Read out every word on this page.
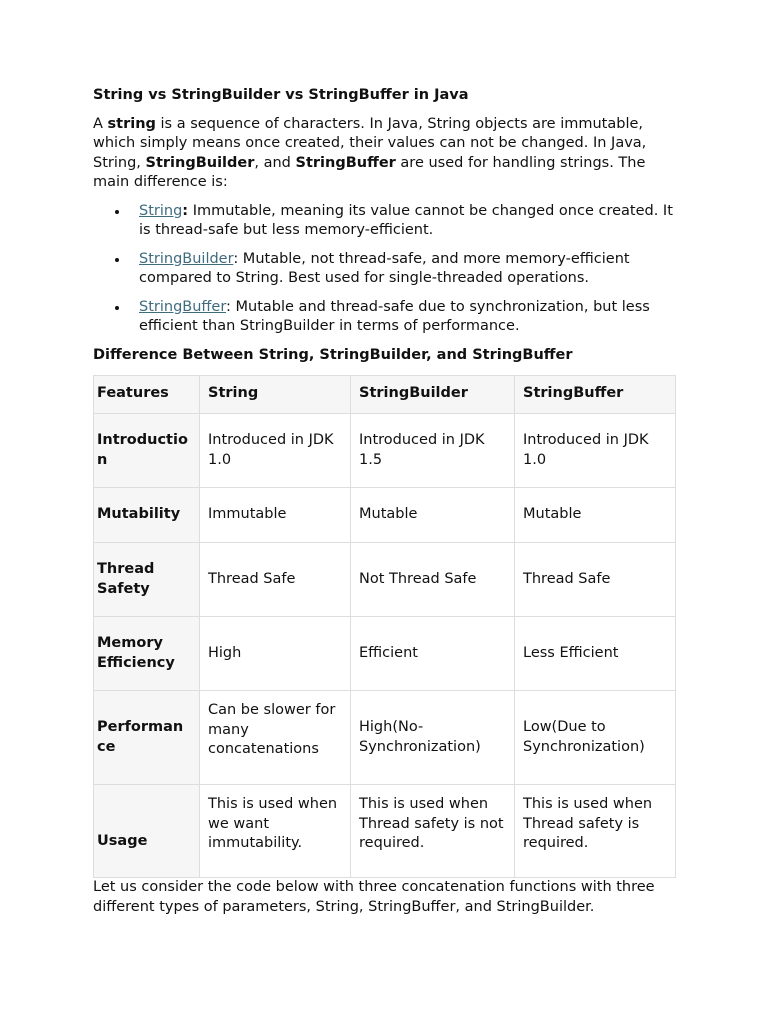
String vs StringBuilder vs StringBuffer in Java
A string is a sequence of characters. In Java, String objects are immutable, which simply means once created, their values can not be changed. In Java, String, StringBuilder, and StringBuffer are used for handling strings. The main difference is:
String: Immutable, meaning its value cannot be changed once created. It is thread-safe but less memory-efficient.
StringBuilder: Mutable, not thread-safe, and more memory-efficient compared to String. Best used for single-threaded operations.
StringBuffer: Mutable and thread-safe due to synchronization, but less efficient than StringBuilder in terms of performance.
Difference Between String, StringBuilder, and StringBuffer
Features	String	StringBuilder	StringBuffer
Introductio n	Introduced in JDK 1.0	Introduced in JDK 1.5	Introduced in JDK 1.0
Mutability	Immutable	Mutable	Mutable
Thread Safety	Thread Safe	Not Thread Safe	Thread Safe
Memory Efficiency	High	Efficient	Less Efficient
Performan ce	Can be slower for many concatenations	High(No-Synchronization)	Low(Due to Synchronization)
Usage	This is used when we want immutability.	This is used when Thread safety is not required.	This is used when Thread safety is required.
Let us consider the code below with three concatenation functions with three different types of parameters, String, StringBuffer, and StringBuilder.
